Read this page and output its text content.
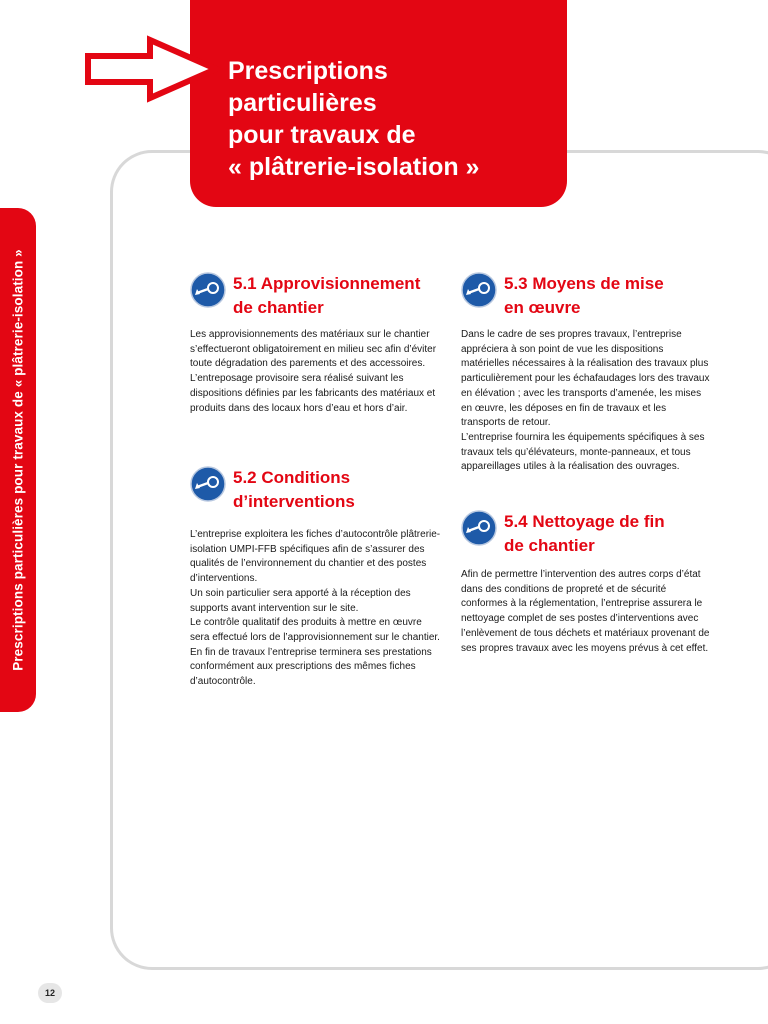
Prescriptions particulières pour travaux de « plâtrerie-isolation »
Prescriptions
particulières
pour travaux de
« plâtrerie-isolation »
5.1 Approvisionnement
de chantier

Les approvisionnements des matériaux sur le chantier s’effectueront obligatoirement en milieu sec afin d’éviter toute dégradation des parements et des accessoires.

L’entreposage provisoire sera réalisé suivant les dispositions définies par les fabricants des matériaux et produits dans des locaux hors d’eau et hors d’air.

5.2 Conditions
d’interventions

L’entreprise exploitera les fiches d’autocontrôle plâtrerie-isolation UMPI-FFB spécifiques afin de s’assurer des qualités de l’environnement du chantier et des postes d’interventions.

Un soin particulier sera apporté à la réception des supports avant intervention sur le site.

Le contrôle qualitatif des produits à mettre en œuvre sera effectué lors de l’approvisionnement sur le chantier.

En fin de travaux l’entreprise terminera ses prestations conformément aux prescriptions des mêmes fiches d’autocontrôle.

5.3 Moyens de mise
en œuvre

Dans le cadre de ses propres travaux, l’entreprise appréciera à son point de vue les dispositions matérielles nécessaires à la réalisation des travaux plus particulièrement pour les échafaudages lors des travaux en élévation ; avec les transports d’amenée, les mises en œuvre, les déposes en fin de travaux et les transports de retour.

L’entreprise fournira les équipements spécifiques à ses travaux tels qu’élévateurs, monte-panneaux, et tous appareillages utiles à la réalisation des ouvrages.

5.4 Nettoyage de fin
de chantier

Afin de permettre l’intervention des autres corps d’état dans des conditions de propreté et de sécurité conformes à la réglementation, l’entreprise assurera le nettoyage complet de ses postes d’interventions avec l’enlèvement de tous déchets et matériaux provenant de ses propres travaux avec les moyens prévus à cet effet.

12
